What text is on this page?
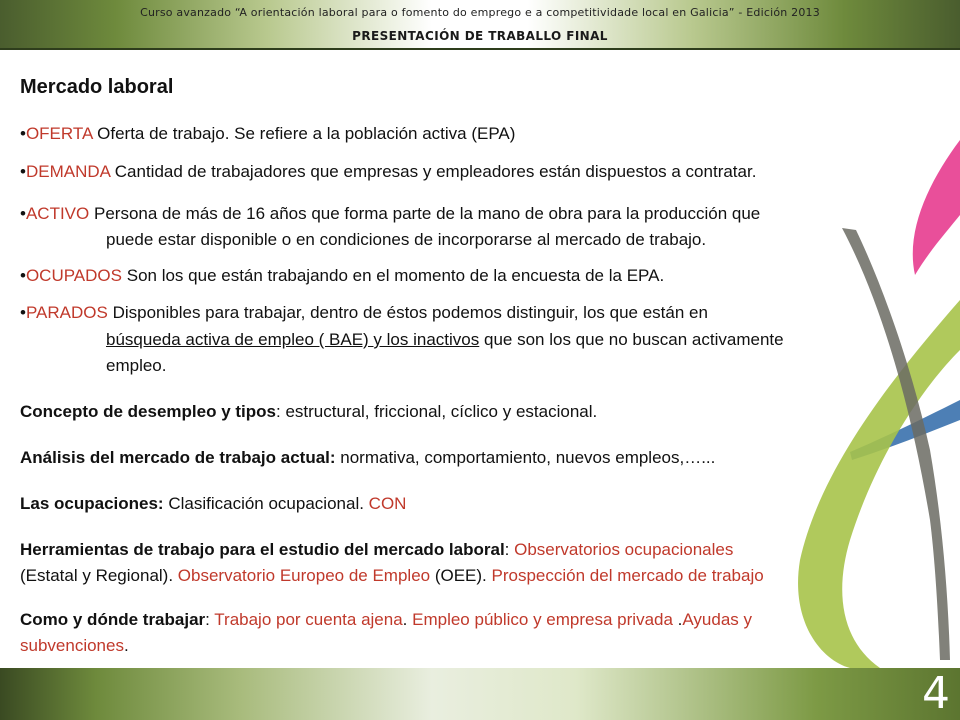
Curso avanzado “A orientación laboral para o fomento do emprego e a competitividade local en Galicia” - Edición 2013
PRESENTACIÓN DE TRABALLO FINAL
Mercado laboral
•OFERTA Oferta de trabajo. Se refiere a la población activa (EPA)
•DEMANDA Cantidad de trabajadores que empresas y empleadores están dispuestos a contratar.
•ACTIVO Persona de más de 16 años que forma parte de la mano de obra para la producción que
puede estar disponible o en condiciones de incorporarse al mercado de trabajo.
•OCUPADOS Son los que están trabajando en el momento de la encuesta de la EPA.
•PARADOS Disponibles para trabajar, dentro de éstos podemos distinguir, los que están en
búsqueda activa de empleo ( BAE) y los inactivos que son los que no buscan activamente
empleo.
Concepto de desempleo y tipos: estructural, friccional, cíclico y estacional.
Análisis del mercado de trabajo actual: normativa, comportamiento, nuevos empleos,…...
Las ocupaciones: Clasificación ocupacional. CON
Herramientas de trabajo para el estudio del mercado laboral: Observatorios ocupacionales
(Estatal y Regional). Observatorio Europeo de Empleo (OEE). Prospección del mercado de trabajo
Como y dónde trabajar: Trabajo por cuenta ajena. Empleo público y empresa privada .Ayudas y
subvenciones.
4
